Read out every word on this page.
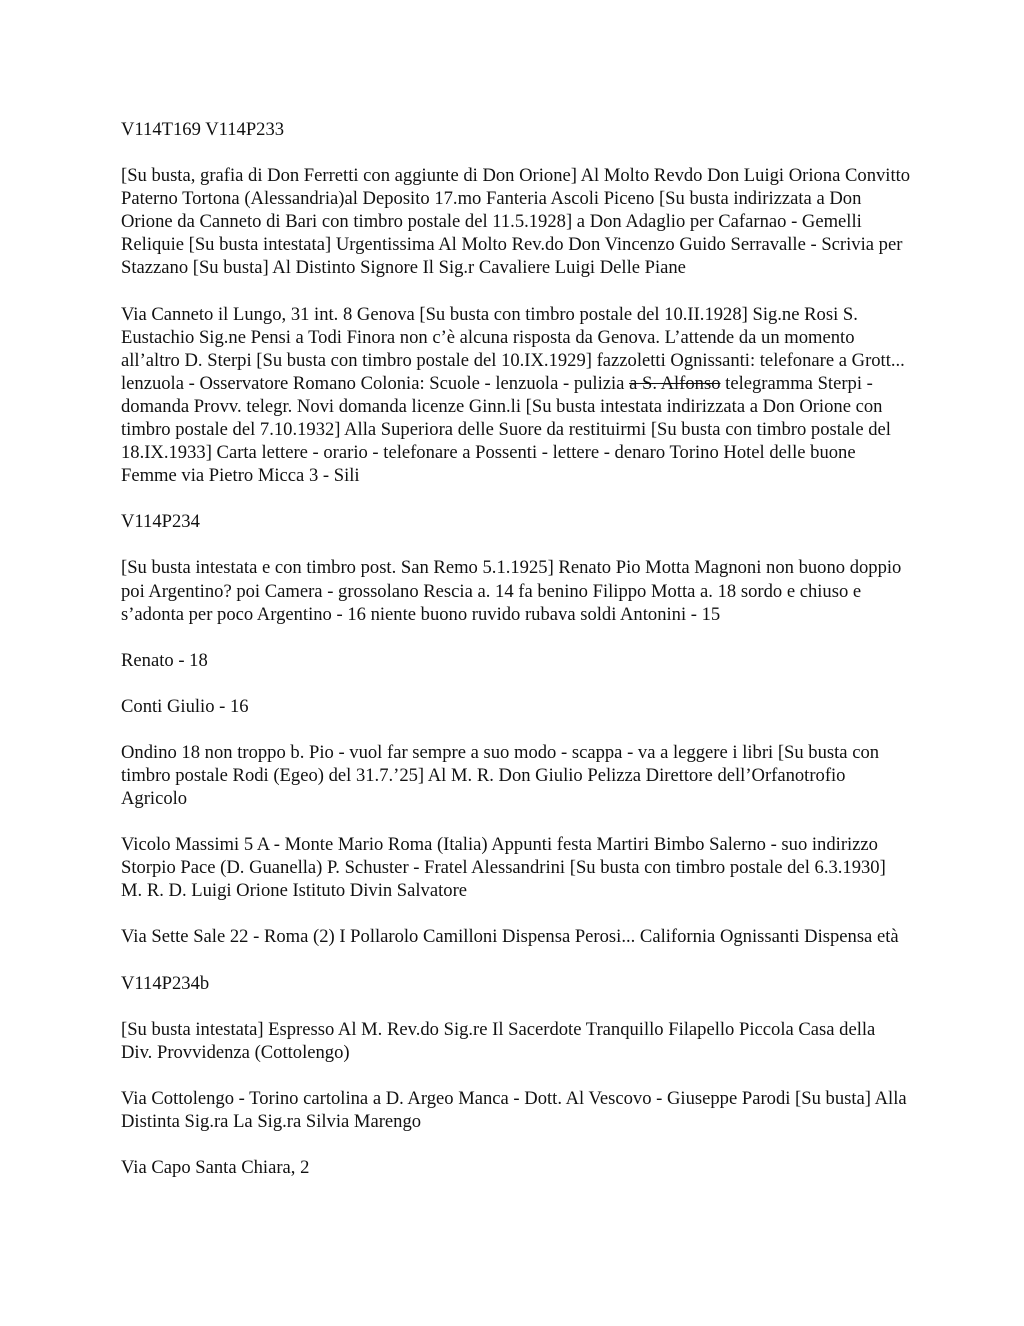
V114T169 V114P233

[Su busta, grafia di Don Ferretti con aggiunte di Don Orione] Al Molto Revdo Don Luigi Oriona Convitto Paterno Tortona (Alessandria)al Deposito 17.mo Fanteria Ascoli Piceno [Su busta indirizzata a Don Orione da Canneto di Bari con timbro postale del 11.5.1928] a Don Adaglio per Cafarnao - Gemelli Reliquie [Su busta intestata] Urgentissima Al Molto Rev.do Don Vincenzo Guido Serravalle - Scrivia per Stazzano [Su busta] Al Distinto Signore Il Sig.r Cavaliere Luigi Delle Piane

Via Canneto il Lungo, 31 int. 8 Genova [Su busta con timbro postale del 10.II.1928] Sig.ne Rosi S. Eustachio Sig.ne Pensi a Todi Finora non c’è alcuna risposta da Genova. L’attende da un momento all’altro D. Sterpi [Su busta con timbro postale del 10.IX.1929] fazzoletti Ognissanti: telefonare a Grott... lenzuola - Osservatore Romano Colonia: Scuole - lenzuola - pulizia a S. Alfonso telegramma Sterpi - domanda Provv. telegr. Novi domanda licenze Ginn.li [Su busta intestata indirizzata a Don Orione con timbro postale del 7.10.1932] Alla Superiora delle Suore da restituirmi [Su busta con timbro postale del 18.IX.1933] Carta lettere - orario - telefonare a Possenti - lettere - denaro Torino Hotel delle buone Femme via Pietro Micca 3 - Sili

V114P234

[Su busta intestata e con timbro post. San Remo 5.1.1925] Renato Pio Motta Magnoni non buono doppio poi Argentino? poi Camera - grossolano Rescia a. 14 fa benino Filippo Motta a. 18 sordo e chiuso e s’adonta per poco Argentino - 16 niente buono ruvido rubava soldi Antonini - 15

Renato - 18

Conti Giulio - 16

Ondino 18 non troppo b. Pio - vuol far sempre a suo modo - scappa - va a leggere i libri [Su busta con timbro postale Rodi (Egeo) del 31.7.’25] Al M. R. Don Giulio Pelizza Direttore dell’Orfanotrofio Agricolo

Vicolo Massimi 5 A - Monte Mario Roma (Italia) Appunti festa Martiri Bimbo Salerno - suo indirizzo Storpio Pace (D. Guanella) P. Schuster - Fratel Alessandrini [Su busta con timbro postale del 6.3.1930] M. R. D. Luigi Orione Istituto Divin Salvatore

Via Sette Sale 22 - Roma (2) I Pollarolo Camilloni Dispensa Perosi... California Ognissanti Dispensa età

V114P234b

[Su busta intestata] Espresso Al M. Rev.do Sig.re Il Sacerdote Tranquillo Filapello Piccola Casa della Div. Provvidenza (Cottolengo)

Via Cottolengo - Torino cartolina a D. Argeo Manca - Dott. Al Vescovo - Giuseppe Parodi [Su busta] Alla Distinta Sig.ra La Sig.ra Silvia Marengo

Via Capo Santa Chiara, 2
